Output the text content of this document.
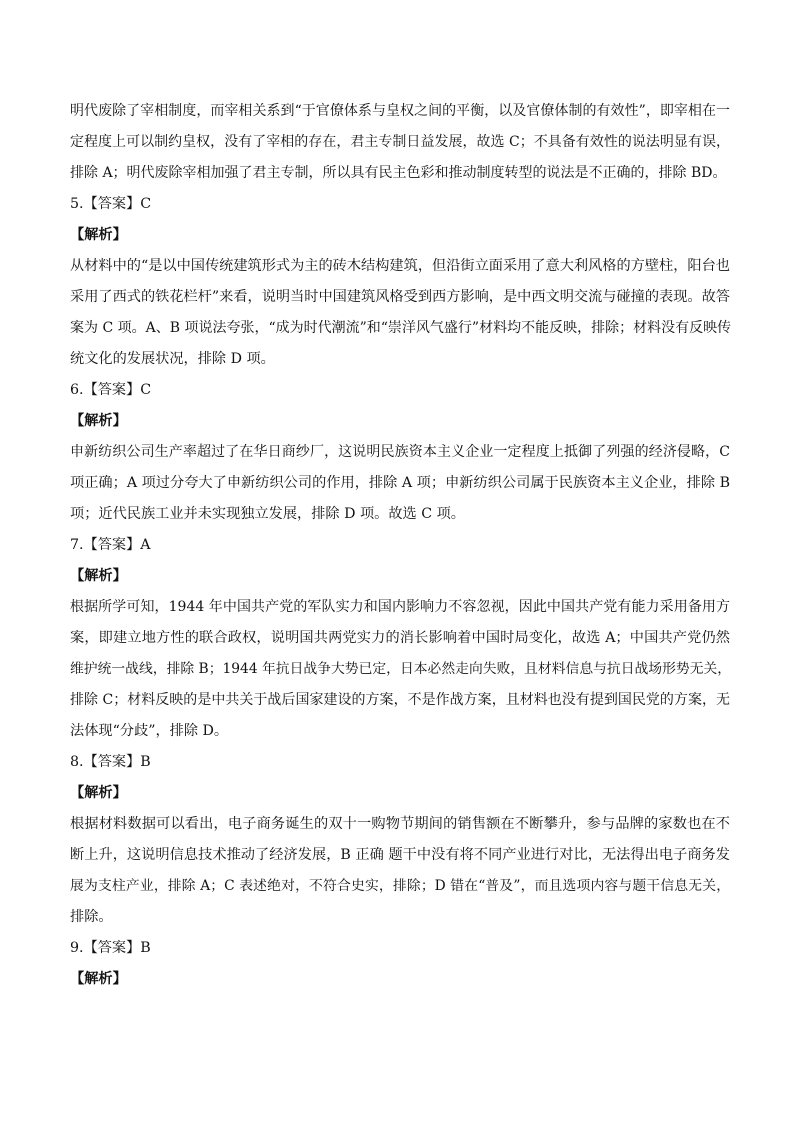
明代废除了宰相制度，而宰相关系到“于官僚体系与皇权之间的平衡，以及官僚体制的有效性”，即宰相在一
定程度上可以制约皇权，没有了宰相的存在，君主专制日益发展，故选 C；不具备有效性的说法明显有误，
排除 A；明代废除宰相加强了君主专制，所以具有民主色彩和推动制度转型的说法是不正确的，排除 BD。
5.【答案】C
【解析】
从材料中的“是以中国传统建筑形式为主的砖木结构建筑，但沿街立面采用了意大利风格的方壁柱，阳台也
采用了西式的铁花栏杆”来看，说明当时中国建筑风格受到西方影响，是中西文明交流与碰撞的表现。故答
案为 C 项。A、B 项说法夸张，“成为时代潮流”和“崇洋风气盛行”材料均不能反映，排除；材料没有反映传
统文化的发展状况，排除 D 项。
6.【答案】C
【解析】
申新纺织公司生产率超过了在华日商纱厂，这说明民族资本主义企业一定程度上抵御了列强的经济侵略，C
项正确；A 项过分夸大了申新纺织公司的作用，排除 A 项；申新纺织公司属于民族资本主义企业，排除 B
项；近代民族工业并未实现独立发展，排除 D 项。故选 C 项。
7.【答案】A
【解析】
根据所学可知，1944 年中国共产党的军队实力和国内影响力不容忽视，因此中国共产党有能力采用备用方
案，即建立地方性的联合政权，说明国共两党实力的消长影响着中国时局变化，故选 A；中国共产党仍然
维护统一战线，排除 B；1944 年抗日战争大势已定，日本必然走向失败，且材料信息与抗日战场形势无关，
排除 C；材料反映的是中共关于战后国家建设的方案，不是作战方案，且材料也没有提到国民党的方案，无
法体现“分歧”，排除 D。
8.【答案】B
【解析】
根据材料数据可以看出，电子商务诞生的双十一购物节期间的销售额在不断攀升，参与品牌的家数也在不
断上升，这说明信息技术推动了经济发展，B 正确 题干中没有将不同产业进行对比，无法得出电子商务发
展为支柱产业，排除 A；C 表述绝对，不符合史实，排除；D 错在“普及”，而且选项内容与题干信息无关，
排除。
9.【答案】B
【解析】
